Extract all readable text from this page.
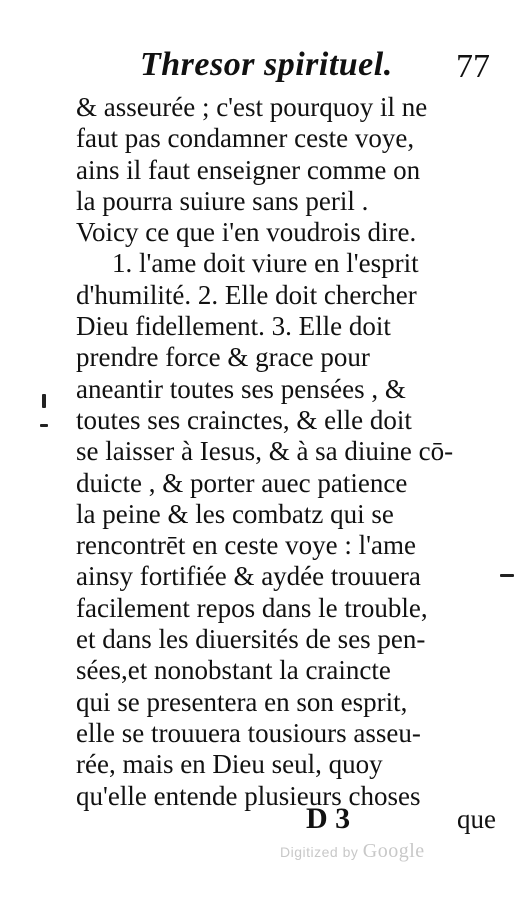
Thresor spirituel. 77
& asseurée ; c'est pourquoy il ne
faut pas condamner ceste voye,
ains il faut enseigner comme on
la pourra suiure sans peril .
Voicy ce que i'en voudrois dire.
1. l'ame doit viure en l'esprit
d'humilité. 2. Elle doit chercher
Dieu fidellement. 3. Elle doit
prendre force & grace pour
aneantir toutes ses pensées , &
toutes ses crainctes, & elle doit
se laisser à Iesus, & à sa diuine cō-
duicte , & porter auec patience
la peine & les combatz qui se
rencontrēt en ceste voye : l'ame
ainsy fortifiée & aydée trouuera
facilement repos dans le trouble,
et dans les diuersités de ses pen-
sées,et nonobstant la craincte
qui se presentera en son esprit,
elle se trouuera tousiours asseu-
rée, mais en Dieu seul, quoy
qu'elle entende plusieurs choses
D 3	que
Digitized by Google
